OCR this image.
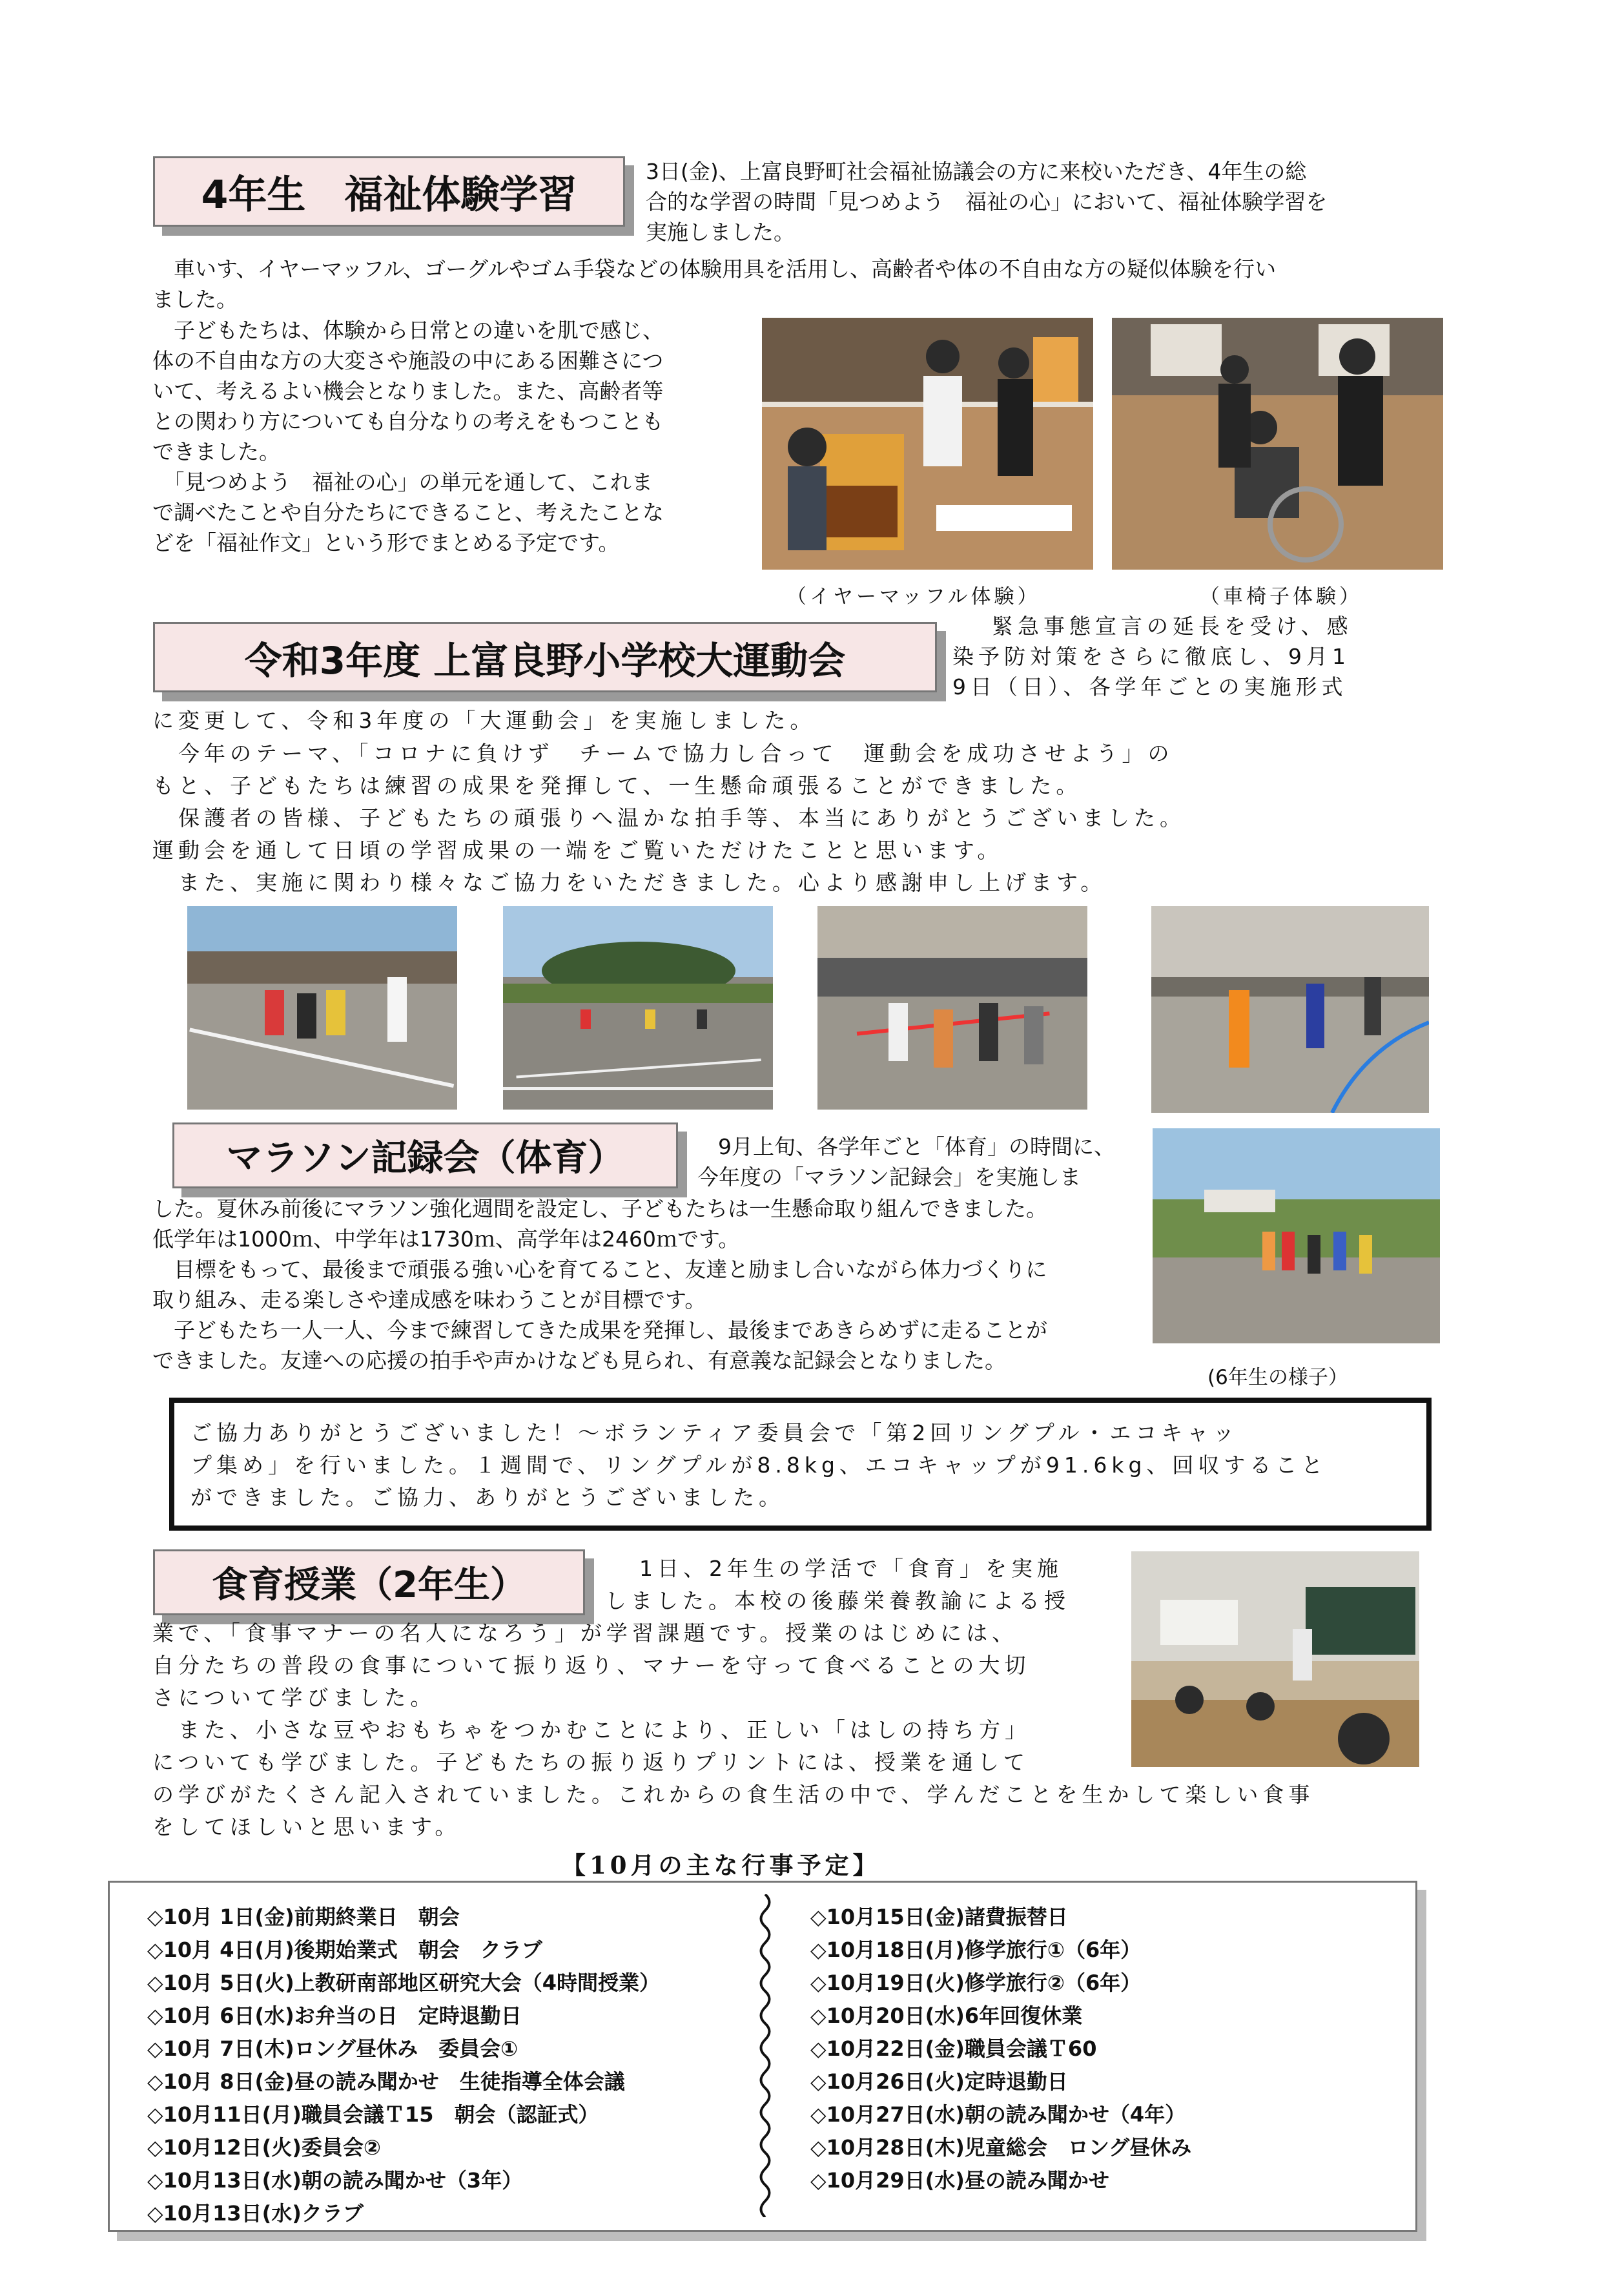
4年生　福祉体験学習
3日(金)、上富良野町社会福祉協議会の方に来校いただき、4年生の総
合的な学習の時間「見つめよう　福祉の心」において、福祉体験学習を
実施しました。
　車いす、イヤーマッフル、ゴーグルやゴム手袋などの体験用具を活用し、高齢者や体の不自由な方の疑似体験を行い
ました。
　子どもたちは、体験から日常との違いを肌で感じ、
体の不自由な方の大変さや施設の中にある困難さにつ
いて、考えるよい機会となりました。また、高齢者等
との関わり方についても自分なりの考えをもつことも
できました。
　「見つめよう　福祉の心」の単元を通して、これま
で調べたことや自分たちにできること、考えたことな
どを「福祉作文」という形でまとめる予定です。
（イヤーマッフル体験）	（車椅子体験）
令和3年度 上富良野小学校大運動会
緊急事態宣言の延長を受け、感
染予防対策をさらに徹底し、9月1
9日（日）、各学年ごとの実施形式
に変更して、令和3年度の「大運動会」を実施しました。
　今年のテーマ、「コロナに負けず　チームで協力し合って　運動会を成功させよう」の
もと、子どもたちは練習の成果を発揮して、一生懸命頑張ることができました。
　保護者の皆様、子どもたちの頑張りへ温かな拍手等、本当にありがとうございました。
運動会を通して日頃の学習成果の一端をご覧いただけたことと思います。
　また、実施に関わり様々なご協力をいただきました。心より感謝申し上げます。
マラソン記録会（体育）	9月上旬、各学年ごと「体育」の時間に、
今年度の「マラソン記録会」を実施しま
した。夏休み前後にマラソン強化週間を設定し、子どもたちは一生懸命取り組んできました。
低学年は1000ｍ、中学年は1730ｍ、高学年は2460ｍです。
　目標をもって、最後まで頑張る強い心を育てること、友達と励まし合いながら体力づくりに
取り組み、走る楽しさや達成感を味わうことが目標です。
　子どもたち一人一人、今まで練習してきた成果を発揮し、最後まであきらめずに走ることが
できました。友達への応援の拍手や声かけなども見られ、有意義な記録会となりました。
(6年生の様子）
ご協力ありがとうございました！～ボランティア委員会で「第2回リングプル・エコキャッ
プ集め」を行いました。１週間で、リングプルが8.8kg、エコキャップが91.6kg、回収すること
ができました。ご協力、ありがとうございました。
食育授業（2年生）	1日、2年生の学活で「食育」を実施
しました。本校の後藤栄養教諭による授
業で、「食事マナーの名人になろう」が学習課題です。授業のはじめには、
自分たちの普段の食事について振り返り、マナーを守って食べることの大切
さについて学びました。
　また、小さな豆やおもちゃをつかむことにより、正しい「はしの持ち方」
についても学びました。子どもたちの振り返りプリントには、授業を通して
の学びがたくさん記入されていました。これからの食生活の中で、学んだことを生かして楽しい食事
をしてほしいと思います。
【10月の主な行事予定】
◇10月 1日(金)前期終業日　朝会
◇10月 4日(月)後期始業式　朝会　クラブ
◇10月 5日(火)上教研南部地区研究大会（4時間授業）
◇10月 6日(水)お弁当の日　定時退勤日
◇10月 7日(木)ロング昼休み　委員会①
◇10月 8日(金)昼の読み聞かせ　生徒指導全体会議
◇10月11日(月)職員会議Ｔ15　朝会（認証式）
◇10月12日(火)委員会②
◇10月13日(水)朝の読み聞かせ（3年）
◇10月13日(水)クラブ
◇10月15日(金)諸費振替日
◇10月18日(月)修学旅行①（6年）
◇10月19日(火)修学旅行②（6年）
◇10月20日(水)6年回復休業
◇10月22日(金)職員会議Ｔ60
◇10月26日(火)定時退勤日
◇10月27日(水)朝の読み聞かせ（4年）
◇10月28日(木)児童総会　ロング昼休み
◇10月29日(水)昼の読み聞かせ
